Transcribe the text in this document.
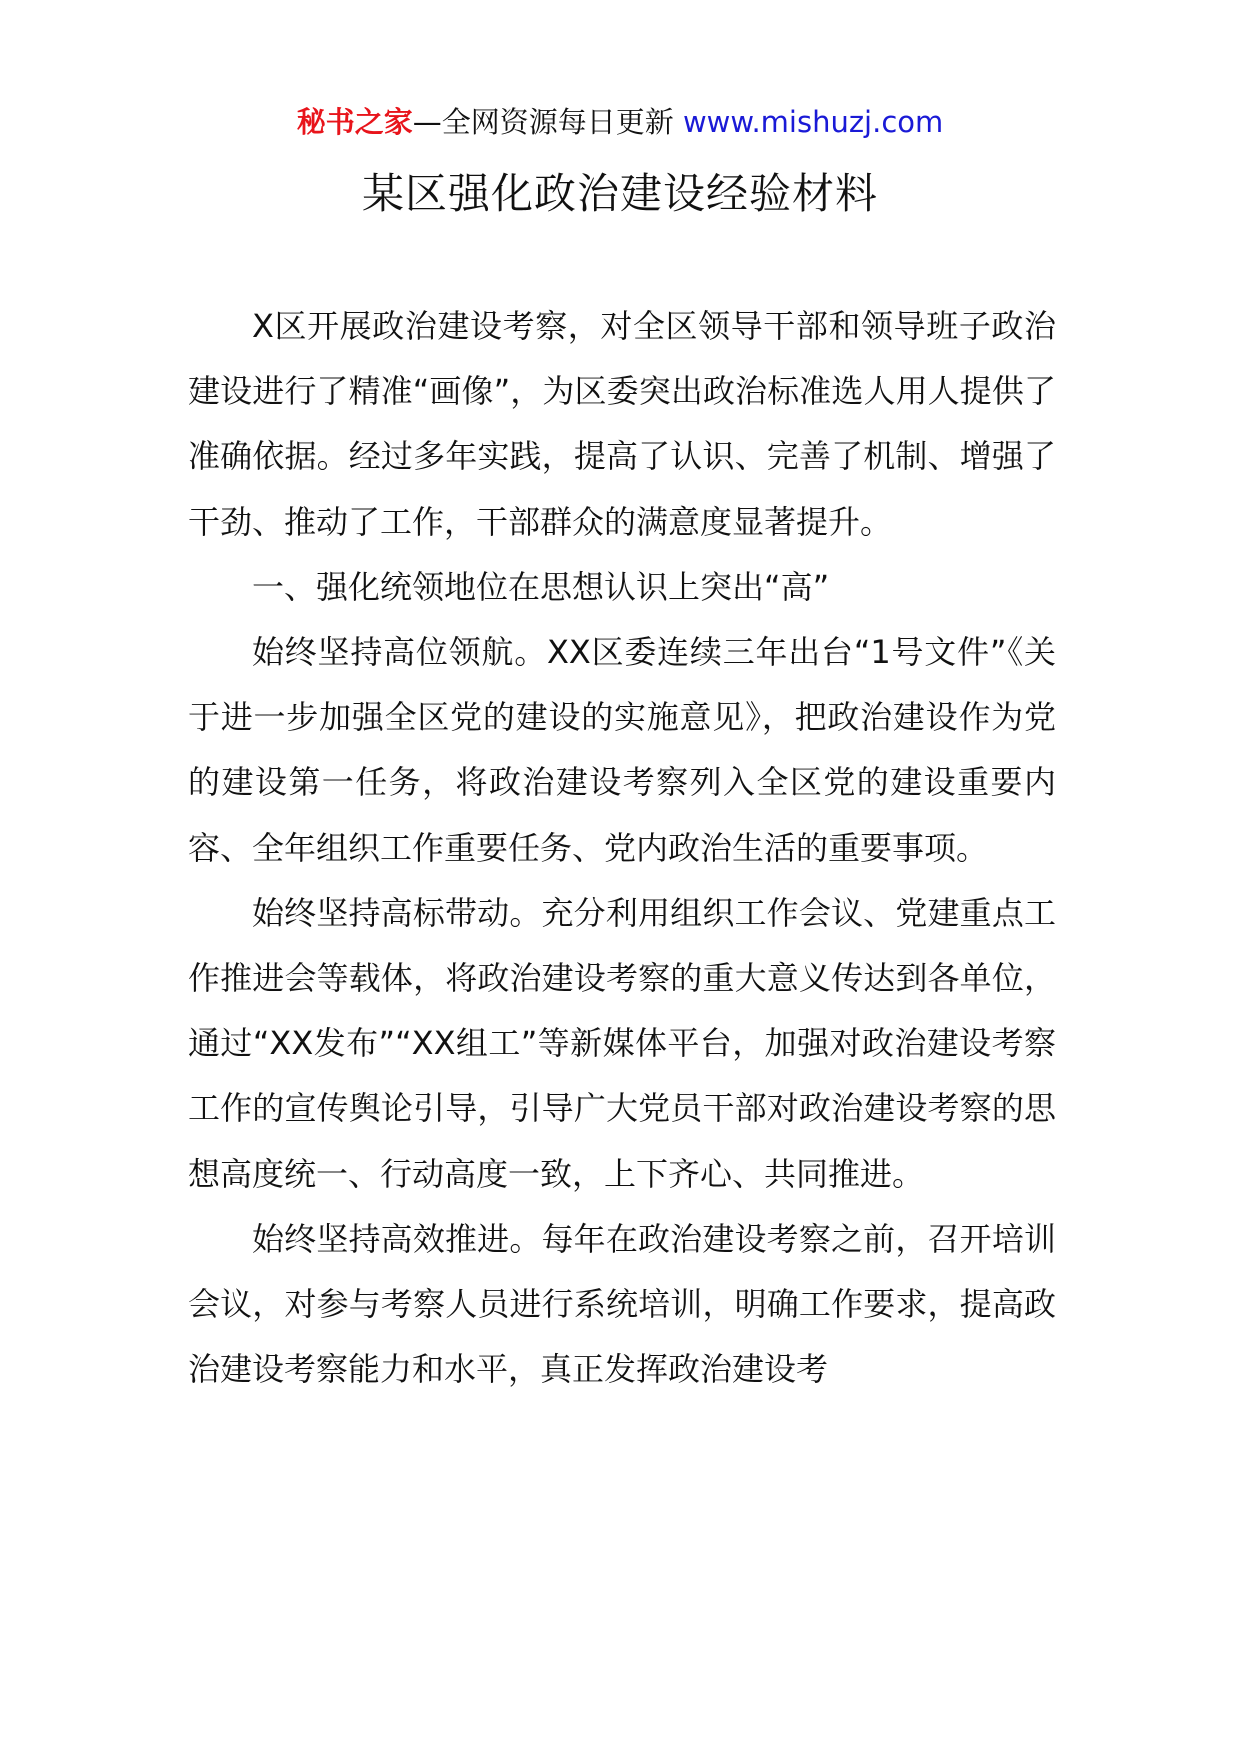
秘书之家—全网资源每日更新 www.mishuzj.com
某区强化政治建设经验材料

X区开展政治建设考察，对全区领导干部和领导班子政治建设进行了精准“画像”，为区委突出政治标准选人用人提供了准确依据。经过多年实践，提高了认识、完善了机制、增强了干劲、推动了工作，干部群众的满意度显著提升。

一、强化统领地位在思想认识上突出“高”

始终坚持高位领航。XX区委连续三年出台“1号文件”《关于进一步加强全区党的建设的实施意见》，把政治建设作为党的建设第一任务，将政治建设考察列入全区党的建设重要内容、全年组织工作重要任务、党内政治生活的重要事项。

始终坚持高标带动。充分利用组织工作会议、党建重点工作推进会等载体，将政治建设考察的重大意义传达到各单位，通过“XX发布”“XX组工”等新媒体平台，加强对政治建设考察工作的宣传舆论引导，引导广大党员干部对政治建设考察的思想高度统一、行动高度一致，上下齐心、共同推进。

始终坚持高效推进。每年在政治建设考察之前，召开培训会议，对参与考察人员进行系统培训，明确工作要求，提高政治建设考察能力和水平，真正发挥政治建设考
